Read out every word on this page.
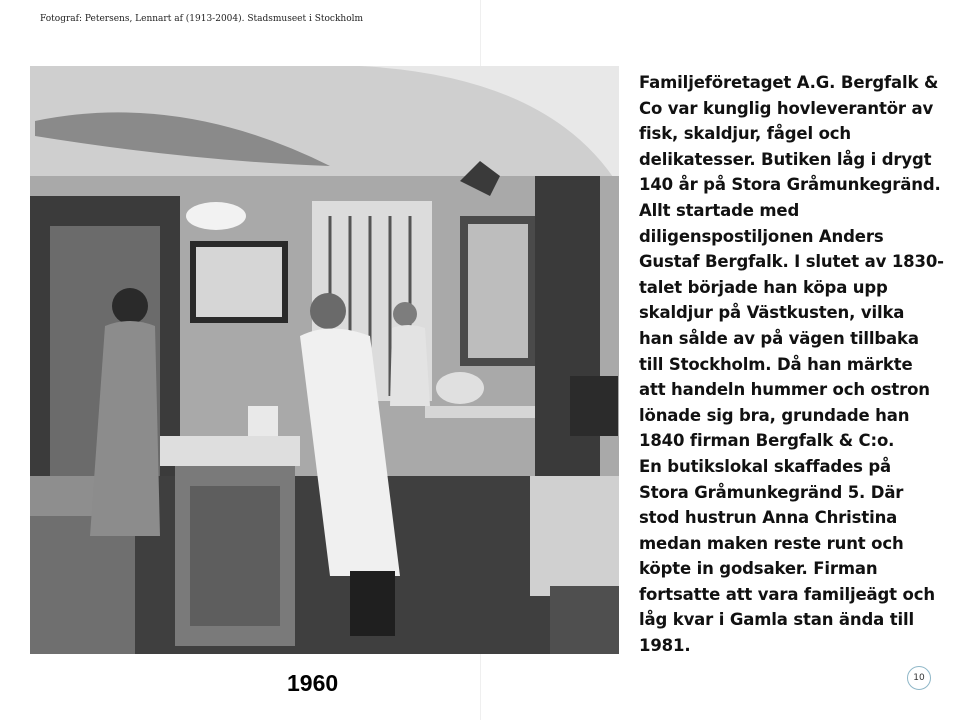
Fotograf: Petersens, Lennart af (1913-2004). Stadsmuseet i Stockholm
1960
Familjeföretaget A.G. Bergfalk & Co var kunglig hovleverantör av fisk, skaldjur, fågel och delikatesser. Butiken låg i drygt 140 år på Stora Gråmunkegränd. Allt startade med diligenspostiljonen Anders Gustaf Bergfalk. I slutet av 1830-talet började han köpa upp skaldjur på Västkusten, vilka han sålde av på vägen tillbaka till Stockholm. Då han märkte att handeln hummer och ostron lönade sig bra, grundade han 1840 firman Bergfalk & C:o.
En butikslokal skaffades på Stora Gråmunkegränd 5. Där stod hustrun Anna Christina medan maken reste runt och köpte in godsaker. Firman fortsatte att vara familjeägt och låg kvar i Gamla stan ända till 1981.
10
